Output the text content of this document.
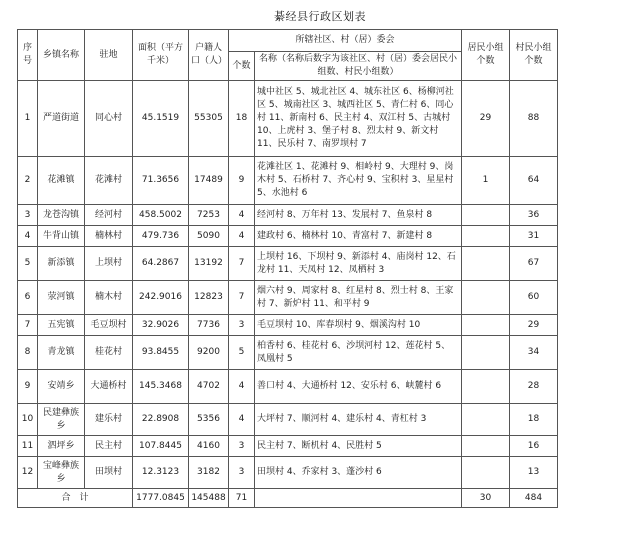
綦经县行政区划表
序号	乡镇名称	驻地	面积（平方千米）	户籍人口（人）	所辖社区、村（居）委会		居民小组个数	村民小组个数
					个数	名称（名称后数字为该社区、村（居）委会居民小组数、村民小组数）		
1	严道街道	同心村	45.1519	55305	18	城中社区 5、城北社区 4、城东社区 6、杨柳河社区 5、城南社区 3、城西社区 5、青仁村 6、同心村 11、新南村 6、民主村 4、双江村 5、古城村 10、上虎村 3、堡子村 8、烈太村 9、新文村 11、民乐村 7、南罗坝村 7	29	88
2	花滩镇	花滩村	71.3656	17489	9	花滩社区 1、花滩村 9、相岭村 9、大理村 9、岗木村 5、石桥村 7、齐心村 9、宝积村 3、星星村 5、水池村 6	1	64
3	龙苍沟镇	经河村	458.5002	7253	4	经河村 8、万年村 13、发展村 7、鱼泉村 8		36
4	牛背山镇	楠林村	479.736	5090	4	建政村 6、楠林村 10、青富村 7、新建村 8		31
5	新添镇	上坝村	64.2867	13192	7	上坝村 16、下坝村 9、新添村 4、庙岗村 12、石龙村 11、天凤村 12、凤栖村 3		67
6	荥河镇	楠木村	242.9016	12823	7	烟六村 9、周家村 8、红星村 8、烈士村 8、王家村 7、新炉村 11、和平村 9		60
7	五宪镇	毛豆坝村	32.9026	7736	3	毛豆坝村 10、库春坝村 9、烟溪沟村 10		29
8	青龙镇	桂花村	93.8455	9200	5	柏香村 6、桂花村 6、沙坝河村 12、莲花村 5、凤凰村 5		34
9	安靖乡	大通桥村	145.3468	4702	4	善口村 4、大通桥村 12、安乐村 6、峡麓村 6		28
10	民建彝族乡	建乐村	22.8908	5356	4	大坪村 7、顺河村 4、建乐村 4、青杠村 3		18
11	泗坪乡	民主村	107.8445	4160	3	民主村 7、断机村 4、民胜村 5		16
12	宝峰彝族乡	田坝村	12.3123	3182	3	田坝村 4、乔家村 3、蓬沙村 6		13
合　计			1777.0845	145488	71		30	484
